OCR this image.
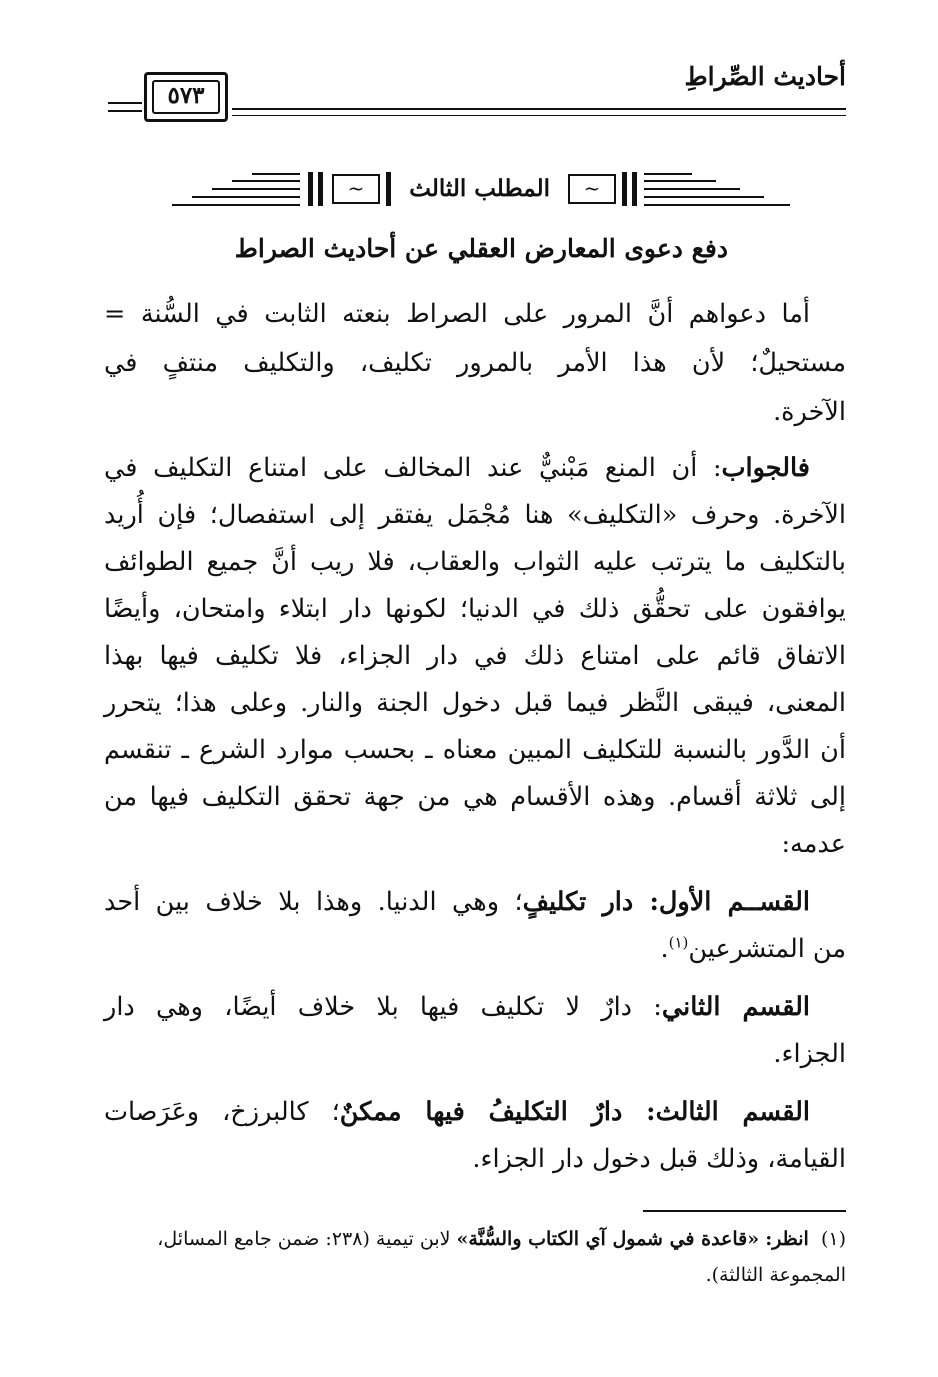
أحاديث الصِّراطِ
٥٧٣
~	المطلب الثالث	~
دفع دعوى المعارض العقلي عن أحاديث الصراط
أما دعواهم أنَّ المرور على الصراط بنعته الثابت في السُّنة =
مستحيلٌ؛ لأن هذا الأمر بالمرور تكليف، والتكليف منتفٍ في
الآخرة.
فالجواب: أن المنع مَبْنيٌّ عند المخالف على امتناع التكليف في
الآخرة. وحرف «التكليف» هنا مُجْمَل يفتقر إلى استفصال؛ فإن أُريد
بالتكليف ما يترتب عليه الثواب والعقاب، فلا ريب أنَّ جميع الطوائف
يوافقون على تحقُّق ذلك في الدنيا؛ لكونها دار ابتلاء وامتحان، وأيضًا
الاتفاق قائم على امتناع ذلك في دار الجزاء، فلا تكليف فيها بهذا
المعنى، فيبقى النَّظر فيما قبل دخول الجنة والنار. وعلى هذا؛ يتحرر
أن الدَّور بالنسبة للتكليف المبين معناه ـ بحسب موارد الشرع ـ تنقسم
إلى ثلاثة أقسام. وهذه الأقسام هي من جهة تحقق التكليف فيها من
عدمه:
القســم الأول: دار تكليفٍ؛ وهي الدنيا. وهذا بلا خلاف بين أحد
من المتشرعين$^{(١)}$.
القسم الثاني: دارٌ لا تكليف فيها بلا خلاف أيضًا، وهي دار
الجزاء.
القسم الثالث: دارٌ التكليفُ فيها ممكنٌ؛ كالبرزخ، وعَرَصات
القيامة، وذلك قبل دخول دار الجزاء.
(١)  انظر: «قاعدة في شمول آي الكتاب والسُّنَّة» لابن تيمية (٢٣٨: ضمن جامع المسائل،
المجموعة الثالثة).
